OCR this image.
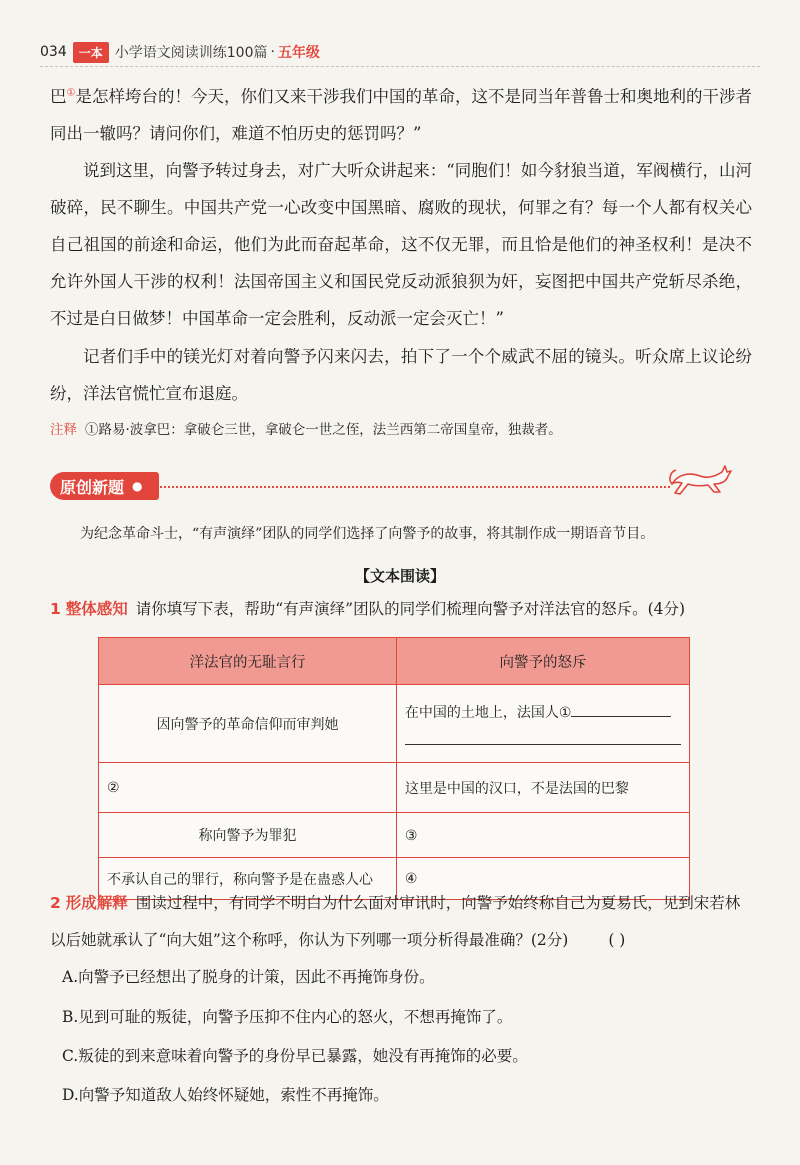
034	一本 小学语文阅读训练100篇 · 五年级

巴①是怎样垮台的！今天，你们又来干涉我们中国的革命，这不是同当年普鲁士和奥地利的干涉者同出一辙吗？请问你们，难道不怕历史的惩罚吗？”

说到这里，向警予转过身去，对广大听众讲起来：“同胞们！如今豺狼当道，军阀横行，山河破碎，民不聊生。中国共产党一心改变中国黑暗、腐败的现状，何罪之有？每一个人都有权关心自己祖国的前途和命运，他们为此而奋起革命，这不仅无罪，而且恰是他们的神圣权利！是决不允许外国人干涉的权利！法国帝国主义和国民党反动派狼狈为奸，妄图把中国共产党斩尽杀绝，不过是白日做梦！中国革命一定会胜利，反动派一定会灭亡！”

记者们手中的镁光灯对着向警予闪来闪去，拍下了一个个威武不屈的镜头。听众席上议论纷纷，洋法官慌忙宣布退庭。

注释 ①路易·波拿巴：拿破仑三世，拿破仑一世之侄，法兰西第二帝国皇帝，独裁者。
原创新题 ●
为纪念革命斗士，“有声演绎”团队的同学们选择了向警予的故事，将其制作成一期语音节目。
【文本围读】
1 整体感知 请你填写下表，帮助“有声演绎”团队的同学们梳理向警予对洋法官的怒斥。(4分)
洋法官的无耻言行	向警予的怒斥
因向警予的革命信仰而审判她	在中国的土地上，法国人①

②	这里是中国的汉口，不是法国的巴黎
称向警予为罪犯	③
不承认自己的罪行，称向警予是在蛊惑人心	④
2 形成解释 围读过程中，有同学不明白为什么面对审讯时，向警予始终称自己为夏易氏，见到宋若林以后她就承认了“向大姐”这个称呼，你认为下列哪一项分析得最准确？(2分)	( )
A.向警予已经想出了脱身的计策，因此不再掩饰身份。
B.见到可耻的叛徒，向警予压抑不住内心的怒火，不想再掩饰了。
C.叛徒的到来意味着向警予的身份早已暴露，她没有再掩饰的必要。
D.向警予知道敌人始终怀疑她，索性不再掩饰。
